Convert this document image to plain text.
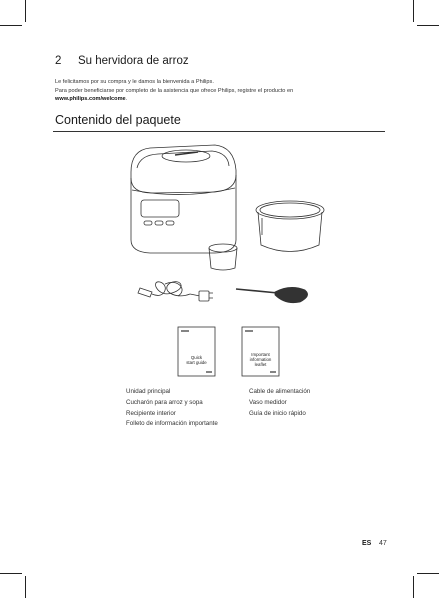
2 Su hervidora de arroz
Le felicitamos por su compra y le damos la bienvenida a Philips.
Para poder beneficiarse por completo de la asistencia que ofrece Philips, registre el producto en
www.philips.com/welcome.
Contenido del paquete
Quick
start guide
Important
information
leaflet
Unidad principal
Cucharón para arroz y sopa
Recipiente interior
Folleto de información importante
Cable de alimentación
Vaso medidor
Guía de inicio rápido
ES 47
